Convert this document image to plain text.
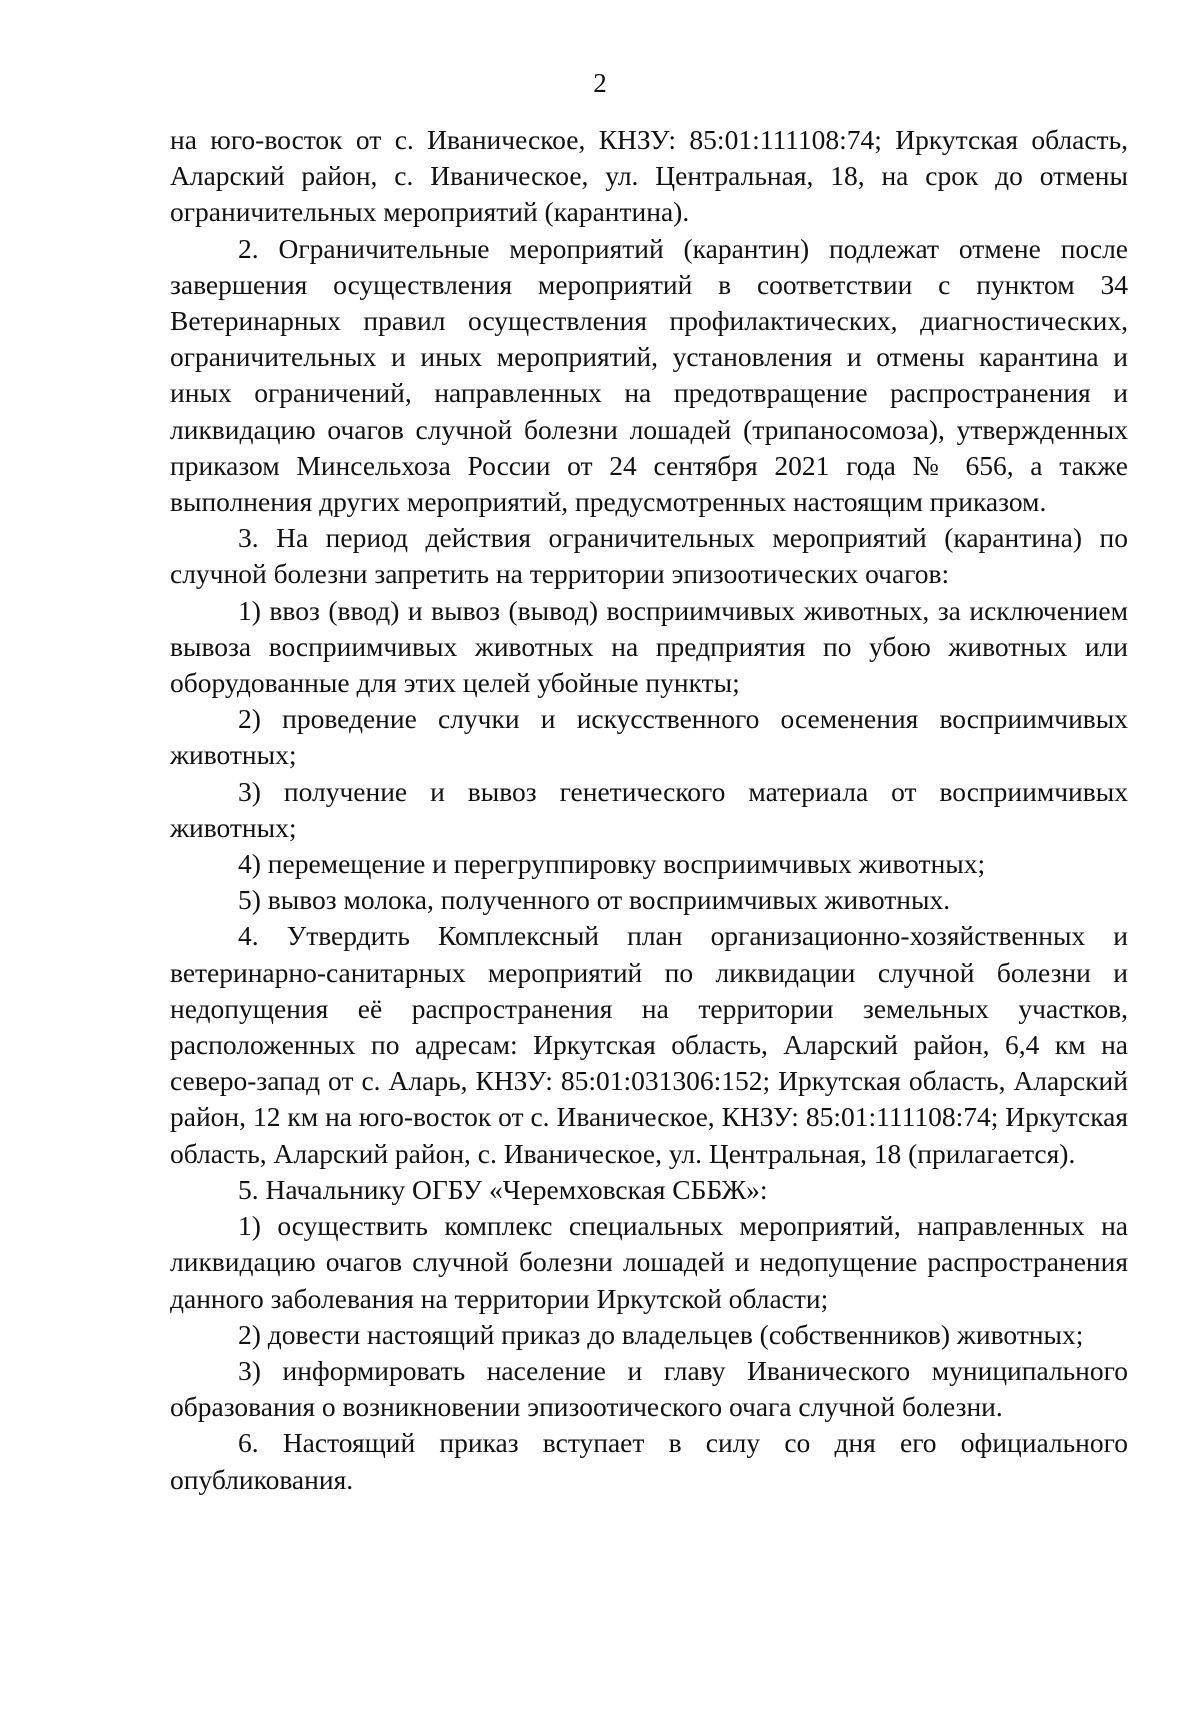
2

на юго-восток от с. Иваническое, КНЗУ: 85:01:111108:74; Иркутская область, Аларский район, с. Иваническое, ул. Центральная, 18, на срок до отмены ограничительных мероприятий (карантина).

2. Ограничительные мероприятий (карантин) подлежат отмене после завершения осуществления мероприятий в соответствии с пунктом 34 Ветеринарных правил осуществления профилактических, диагностических, ограничительных и иных мероприятий, установления и отмены карантина и иных ограничений, направленных на предотвращение распространения и ликвидацию очагов случной болезни лошадей (трипаносомоза), утвержденных приказом Минсельхоза России от 24 сентября 2021 года № 656, а также выполнения других мероприятий, предусмотренных настоящим приказом.

3. На период действия ограничительных мероприятий (карантина) по случной болезни запретить на территории эпизоотических очагов:

1) ввоз (ввод) и вывоз (вывод) восприимчивых животных, за исключением вывоза восприимчивых животных на предприятия по убою животных или оборудованные для этих целей убойные пункты;

2) проведение случки и искусственного осеменения восприимчивых животных;

3) получение и вывоз генетического материала от восприимчивых животных;

4) перемещение и перегруппировку восприимчивых животных;

5) вывоз молока, полученного от восприимчивых животных.

4. Утвердить Комплексный план организационно-хозяйственных и ветеринарно-санитарных мероприятий по ликвидации случной болезни и недопущения её распространения на территории земельных участков, расположенных по адресам: Иркутская область, Аларский район, 6,4 км на северо-запад от с. Аларь, КНЗУ: 85:01:031306:152; Иркутская область, Аларский район, 12 км на юго-восток от с. Иваническое, КНЗУ: 85:01:111108:74; Иркутская область, Аларский район, с. Иваническое, ул. Центральная, 18 (прилагается).

5. Начальнику ОГБУ «Черемховская СББЖ»:

1) осуществить комплекс специальных мероприятий, направленных на ликвидацию очагов случной болезни лошадей и недопущение распространения данного заболевания на территории Иркутской области;

2) довести настоящий приказ до владельцев (собственников) животных;

3) информировать население и главу Иванического муниципального образования о возникновении эпизоотического очага случной болезни.

6. Настоящий приказ вступает в силу со дня его официального опубликования.
